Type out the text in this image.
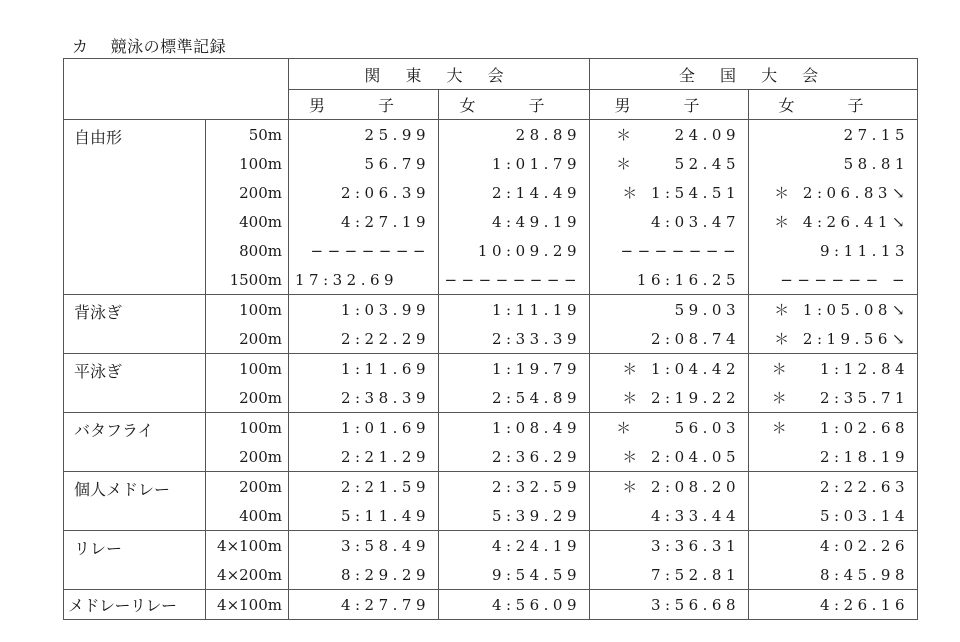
カ　 競泳の標準記録
		関 東 大 会		全 国 大 会	
		男 子	女 子	男 子	女 子
自由形	50m	25.99	28.89	＊　　24.09	27.15
	100m	56.79	1:01.79	＊　　52.45	58.81
	200m	2:06.39	2:14.49	＊ 1:54.51	＊ 2:06.83↘
	400m	4:27.19	4:49.19	4:03.47	＊ 4:26.41↘
	800m	−−−−−−−	10:09.29	−−−−−−−	9:11.13
	1500m	17:32.69	−−−−−−−−	16:16.25	−−−−−− −
背泳ぎ	100m	1:03.99	1:11.19	59.03	＊ 1:05.08↘
	200m	2:22.29	2:33.39	2:08.74	＊ 2:19.56↘
平泳ぎ	100m	1:11.69	1:19.79	＊ 1:04.42	＊　 1:12.84
	200m	2:38.39	2:54.89	＊ 2:19.22	＊　 2:35.71
バタフライ	100m	1:01.69	1:08.49	＊　　56.03	＊　 1:02.68
	200m	2:21.29	2:36.29	＊ 2:04.05	2:18.19
個人メドレー	200m	2:21.59	2:32.59	＊ 2:08.20	2:22.63
	400m	5:11.49	5:39.29	4:33.44	5:03.14
リレー	4×100m	3:58.49	4:24.19	3:36.31	4:02.26
	4×200m	8:29.29	9:54.59	7:52.81	8:45.98
メドレーリレー	4×100m	4:27.79	4:56.09	3:56.68	4:26.16
